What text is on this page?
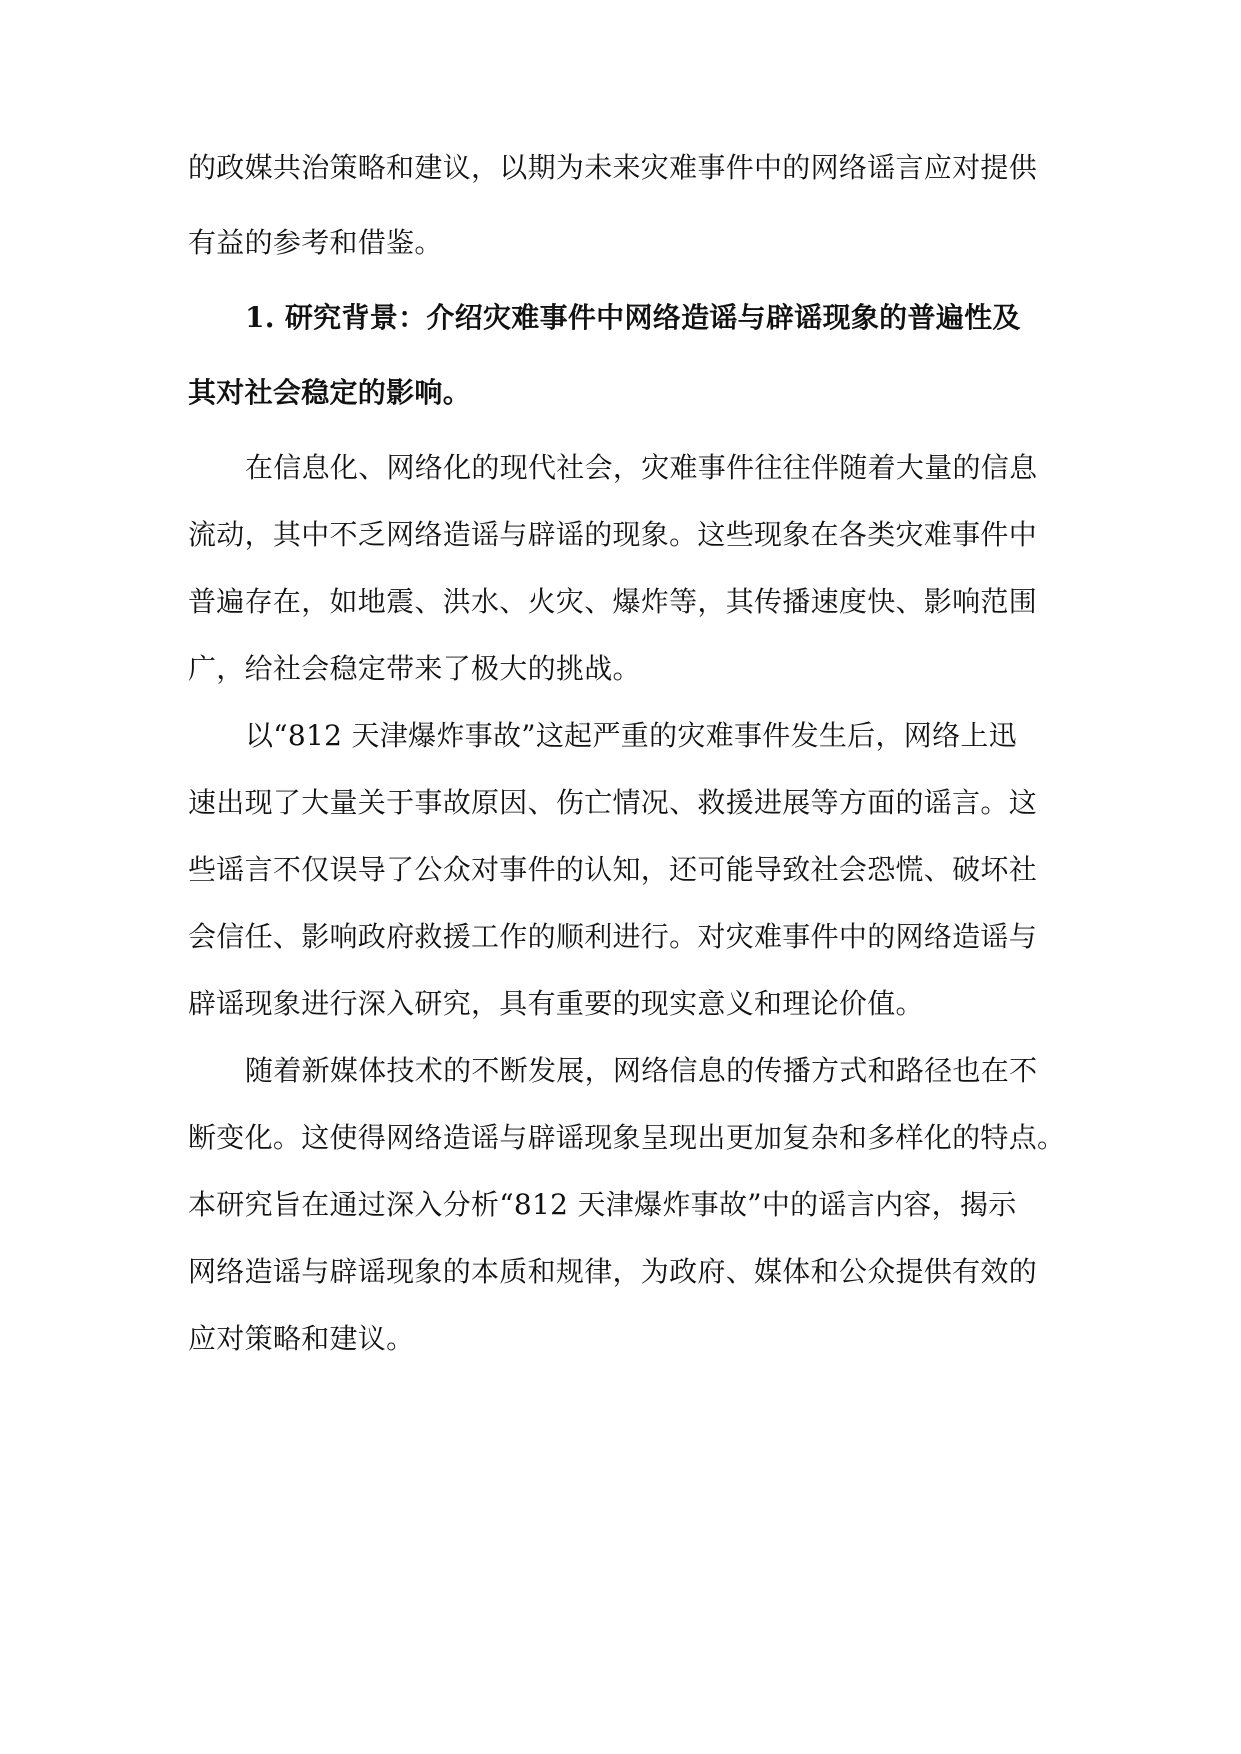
的政媒共治策略和建议，以期为未来灾难事件中的网络谣言应对提供
有益的参考和借鉴。
1. 研究背景：介绍灾难事件中网络造谣与辟谣现象的普遍性及
其对社会稳定的影响。
在信息化、网络化的现代社会，灾难事件往往伴随着大量的信息
流动，其中不乏网络造谣与辟谣的现象。这些现象在各类灾难事件中
普遍存在，如地震、洪水、火灾、爆炸等，其传播速度快、影响范围
广，给社会稳定带来了极大的挑战。
以“812 天津爆炸事故”这起严重的灾难事件发生后，网络上迅
速出现了大量关于事故原因、伤亡情况、救援进展等方面的谣言。这
些谣言不仅误导了公众对事件的认知，还可能导致社会恐慌、破坏社
会信任、影响政府救援工作的顺利进行。对灾难事件中的网络造谣与
辟谣现象进行深入研究，具有重要的现实意义和理论价值。
随着新媒体技术的不断发展，网络信息的传播方式和路径也在不
断变化。这使得网络造谣与辟谣现象呈现出更加复杂和多样化的特点。
本研究旨在通过深入分析“812 天津爆炸事故”中的谣言内容，揭示
网络造谣与辟谣现象的本质和规律，为政府、媒体和公众提供有效的
应对策略和建议。
